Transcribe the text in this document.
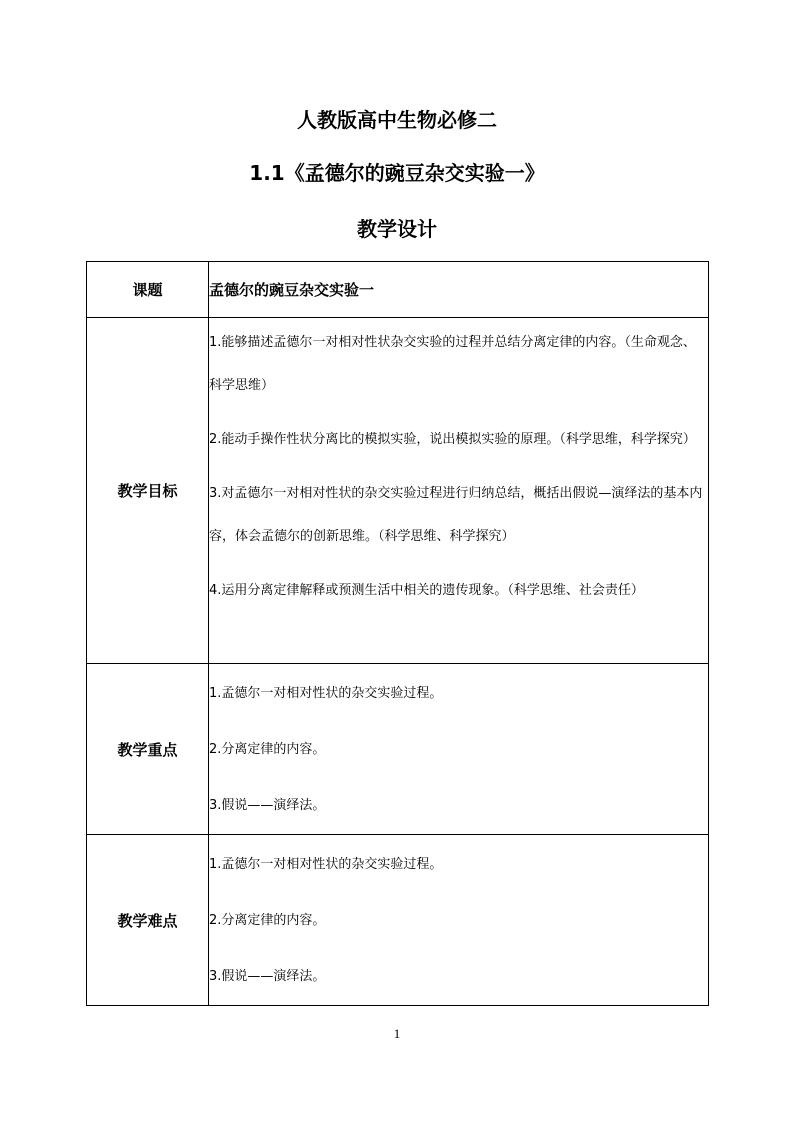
人教版高中生物必修二
1.1《孟德尔的豌豆杂交实验一》
教学设计
课题	孟德尔的豌豆杂交实验一
教学目标	1.能够描述孟德尔一对相对性状杂交实验的过程并总结分离定律的内容。（生命观念、科学思维）

2.能动手操作性状分离比的模拟实验，说出模拟实验的原理。（科学思维，科学探究）

3.对孟德尔一对相对性状的杂交实验过程进行归纳总结，概括出假说—演绎法的基本内容，体会孟德尔的创新思维。（科学思维、科学探究）

4.运用分离定律解释或预测生活中相关的遗传现象。（科学思维、社会责任）

教学重点	1.孟德尔一对相对性状的杂交实验过程。

2.分离定律的内容。

3.假说——演绎法。

教学难点	1.孟德尔一对相对性状的杂交实验过程。

2.分离定律的内容。

3.假说——演绎法。

1
